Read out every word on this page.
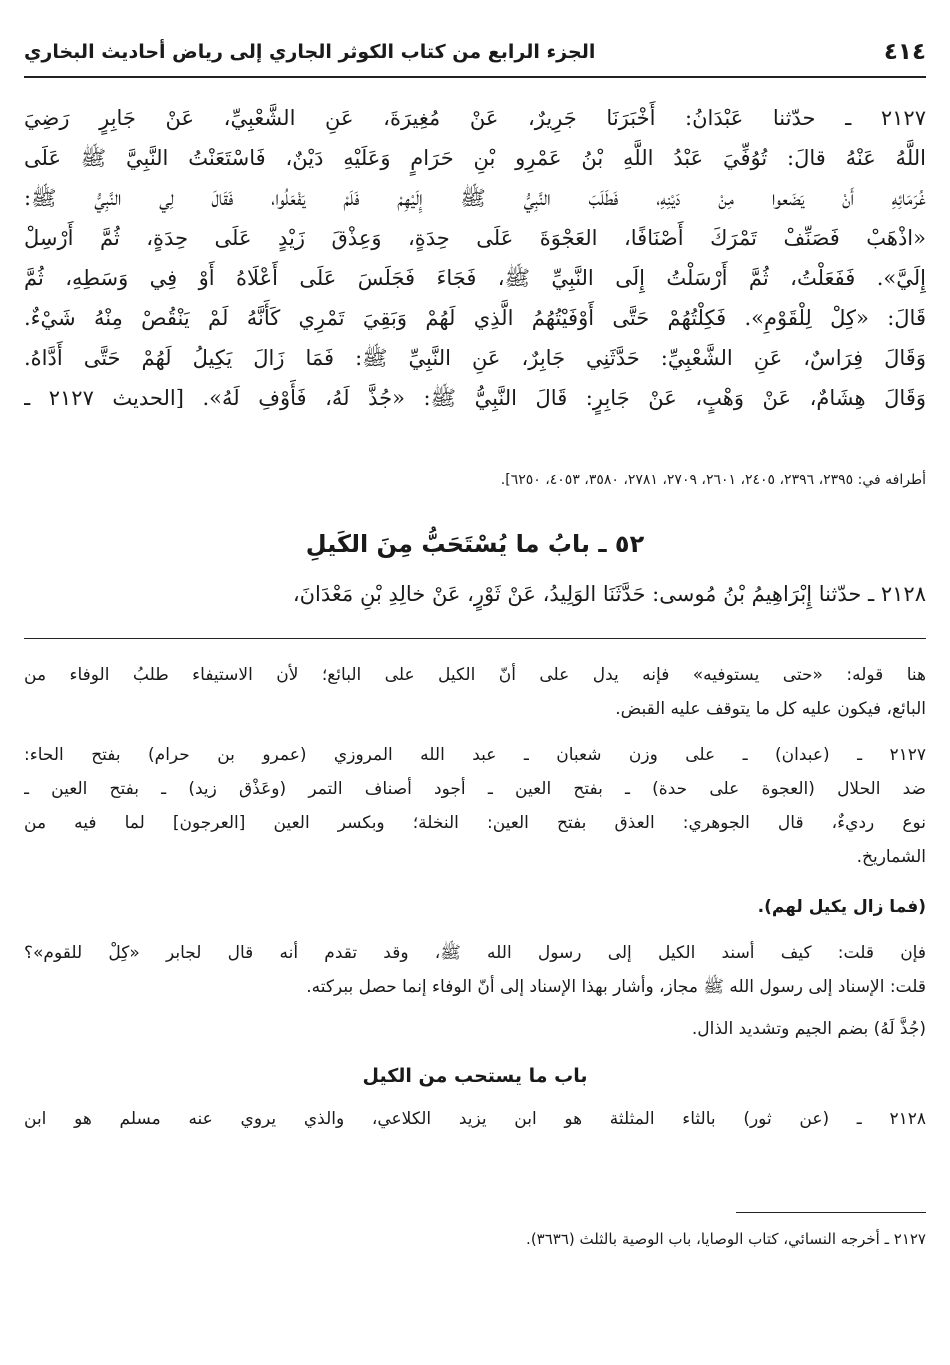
٤١٤
الجزء الرابع من كتاب الكوثر الجاري إلى رياض أحاديث البخاري
٢١٢٧ ـ حدّثنا عَبْدَانُ: أَخْبَرَنَا جَرِيرٌ، عَنْ مُغِيرَةَ، عَنِ الشَّعْبِيِّ، عَنْ جَابِرٍ رَضِيَ
اللَّهُ عَنْهُ قالَ: تُوُفِّيَ عَبْدُ اللَّهِ بْنُ عَمْرِو بْنِ حَرَامٍ وَعَلَيْهِ دَيْنٌ، فَاسْتَعَنْتُ النَّبِيَّ ﷺ عَلَى
غُرَمَائِهِ أَنْ يَضَعوا مِنْ دَيْنِهِ، فَطَلَبَ النَّبِيُّ ﷺ إِلَيْهِمْ فَلَمْ يَفْعَلُوا، فَقَالَ لِي النَّبِيُّ ﷺ:
«اذْهَبْ فَصَنِّفْ تَمْرَكَ أَصْنَافًا، العَجْوَةَ عَلَى حِدَةٍ، وَعِذْقَ زَيْدٍ عَلَى حِدَةٍ، ثُمَّ أَرْسِلْ
إِلَيَّ». فَفَعَلْتُ، ثُمَّ أَرْسَلْتُ إِلَى النَّبِيِّ ﷺ، فَجَاءَ فَجَلَسَ عَلَى أَعْلَاهُ أَوْ فِي وَسَطِهِ، ثُمَّ
قَالَ: «كِلْ لِلْقَوْمِ». فَكِلْتُهُمْ حَتَّى أَوْفَيْتُهُمُ الَّذِي لَهُمْ وَبَقِيَ تَمْرِي كَأَنَّهُ لَمْ يَنْقُصْ مِنْهُ شَيْءٌ.
وَقَالَ فِرَاسٌ، عَنِ الشَّعْبِيِّ: حَدَّثَنِي جَابِرٌ، عَنِ النَّبِيِّ ﷺ: فَمَا زَالَ يَكِيلُ لَهُمْ حَتَّى أَدَّاهُ.
وَقَالَ هِشَامٌ، عَنْ وَهْبٍ، عَنْ جَابِرٍ: قَالَ النَّبِيُّ ﷺ: «جُذَّ لَهُ، فَأَوْفِ لَهُ». [الحديث ٢١٢٧ ـ
أطرافه في: ٢٣٩٥، ٢٣٩٦، ٢٤٠٥، ٢٦٠١، ٢٧٠٩، ٢٧٨١، ٣٥٨٠، ٤٠٥٣، ٦٢٥٠].
٥٢ ـ بابُ ما يُسْتَحَبُّ مِنَ الكَيلِ
٢١٢٨ ـ حدّثنا إِبْرَاهِيمُ بْنُ مُوسى: حَدَّثَنَا الوَلِيدُ، عَنْ ثَوْرٍ، عَنْ خالِدِ بْنِ مَعْدَانَ،
هنا قوله: «حتى يستوفيه» فإنه يدل على أنّ الكيل على البائع؛ لأن الاستيفاء طلبُ الوفاء من
البائع، فيكون عليه كل ما يتوقف عليه القبض.
٢١٢٧ ـ (عبدان) ـ على وزن شعبان ـ عبد الله المروزي (عمرو بن حرام) بفتح الحاء:
ضد الحلال (العجوة على حدة) ـ بفتح العين ـ أجود أصناف التمر (وعَذْق زيد) ـ بفتح العين ـ
نوع رديءٌ، قال الجوهري: العذق بفتح العين: النخلة؛ وبكسر العين [العرجون] لما فيه من
الشماريخ.
(فما زال يكيل لهم).
فإن قلت: كيف أسند الكيل إلى رسول الله ﷺ، وقد تقدم أنه قال لجابر «كِلْ للقوم»؟
قلت: الإسناد إلى رسول الله ﷺ مجاز، وأشار بهذا الإسناد إلى أنّ الوفاء إنما حصل ببركته.
(جُذَّ لَهُ) بضم الجيم وتشديد الذال.
باب ما يستحب من الكيل
٢١٢٨ ـ (عن ثور) بالثاء المثلثة هو ابن يزيد الكلاعي، والذي يروي عنه مسلم هو ابن
٢١٢٧ ـ أخرجه النسائي، كتاب الوصايا، باب الوصية بالثلث (٣٦٣٦).
